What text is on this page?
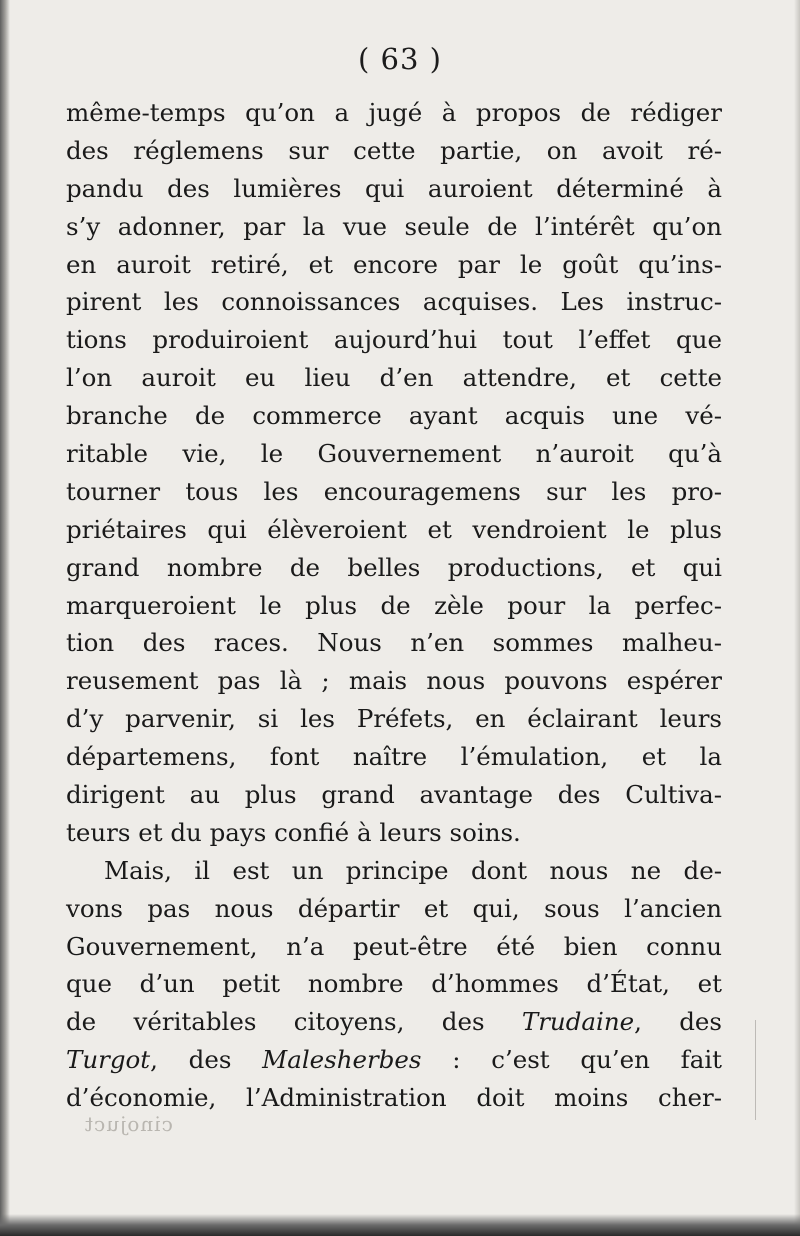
( 63 )
même-temps qu’on a jugé à propos de rédiger
des réglemens sur cette partie, on avoit ré-
pandu des lumières qui auroient déterminé à
s’y adonner, par la vue seule de l’intérêt qu’on
en auroit retiré, et encore par le goût qu’ins-
pirent les connoissances acquises. Les instruc-
tions produiroient aujourd’hui tout l’effet que
l’on auroit eu lieu d’en attendre, et cette
branche de commerce ayant acquis une vé-
ritable vie, le Gouvernement n’auroit qu’à
tourner tous les encouragemens sur les pro-
priétaires qui élèveroient et vendroient le plus
grand nombre de belles productions, et qui
marqueroient le plus de zèle pour la perfec-
tion des races. Nous n’en sommes malheu-
reusement pas là ; mais nous pouvons espérer
d’y parvenir, si les Préfets, en éclairant leurs
départemens, font naître l’émulation, et la
dirigent au plus grand avantage des Cultiva-
teurs et du pays confié à leurs soins.
Mais, il est un principe dont nous ne de-
vons pas nous départir et qui, sous l’ancien
Gouvernement, n’a peut-être été bien connu
que d’un petit nombre d’hommes d’État, et
de véritables citoyens, des Trudaine, des
Turgot, des Malesherbes : c’est qu’en fait
d’économie, l’Administration doit moins cher-
cinojuct
